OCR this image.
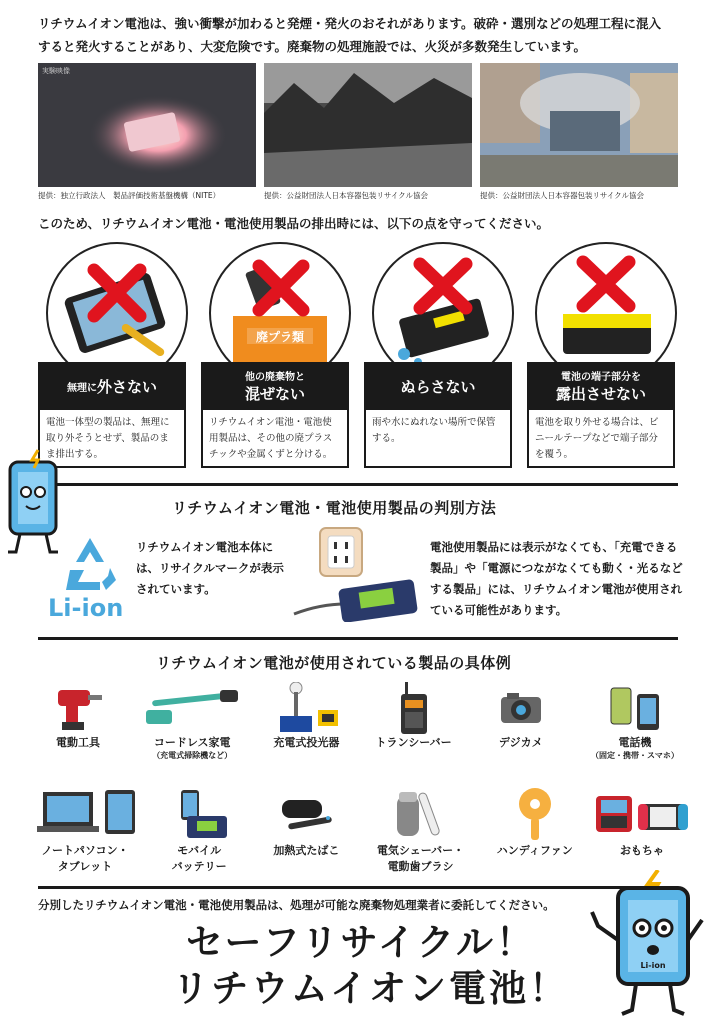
リチウムイオン電池は、強い衝撃が加わると発煙・発火のおそれがあります。破砕・選別などの処理工程に混入
すると発火することがあり、大変危険です。廃棄物の処理施設では、火災が多数発生しています。
実験映像
提供：独立行政法人　製品評価技術基盤機構（NITE）	提供：公益財団法人日本容器包装リサイクル協会	提供：公益財団法人日本容器包装リサイクル協会
このため、リチウムイオン電池・電池使用製品の排出時には、以下の点を守ってください。
廃プラ類
無理に 外さない
電池一体型の製品は、無理に取り外そうとせず、製品のまま排出する。
他の廃棄物と
混ぜない
リチウムイオン電池・電池使用製品は、その他の廃プラスチックや金属くずと分ける。
ぬらさない
雨や水にぬれない場所で保管する。
電池の端子部分を
露出させない
電池を取り外せる場合は、ビニールテープなどで端子部分を覆う。
リチウムイオン電池・電池使用製品の判別方法
Li-ion
リチウムイオン電池本体には、リサイクルマークが表示されています。
電池使用製品には表示がなくても、「充電できる製品」や「電源につながなくても動く・光るなどする製品」には、リチウムイオン電池が使用されている可能性があります。
リチウムイオン電池が使用されている製品の具体例
電動工具	コードレス家電
（充電式掃除機など）
充電式投光器	トランシーバー	デジカメ	電話機
（固定・携帯・スマホ）
ノートパソコン・
タブレット
モバイル
バッテリー
加熱式たばこ	電気シェーバー・
電動歯ブラシ
ハンディファン	おもちゃ
分別したリチウムイオン電池・電池使用製品は、処理が可能な廃棄物処理業者に委託してください。
セーフリサイクル！
リチウムイオン電池！
Li-ion
